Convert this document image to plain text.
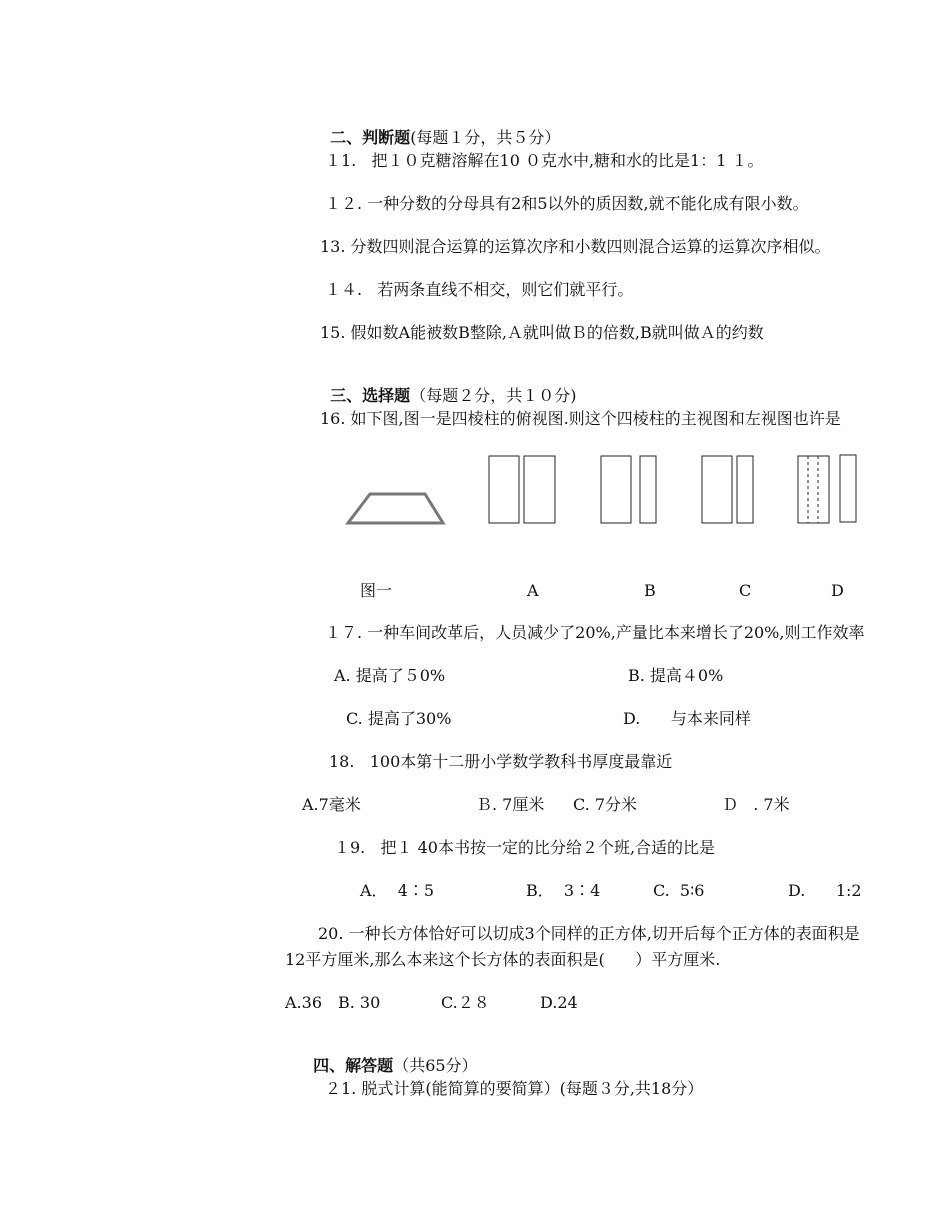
二、判断题(每题１分，共５分）

１1.   把１０克糖溶解在10 ０克水中,糖和水的比是1：1 １。
１２. 一种分数的分母具有2和5以外的质因数,就不能化成有限小数。
13. 分数四则混合运算的运算次序和小数四则混合运算的运算次序相似。
１４.   若两条直线不相交，则它们就平行。
15. 假如数A能被数B整除,Ａ就叫做Ｂ的倍数,B就叫做Ａ的约数

三、选择题（每题２分，共１０分)

16. 如下图,图一是四棱柱的俯视图.则这个四棱柱的主视图和左视图也许是
图一	A	B	C	D
１７. 一种车间改革后，人员减少了20%,产量比本来增长了20%,则工作效率
A. 提高了５0%	B. 提高４0%
C. 提高了30%	D.      与本来同样
18.   100本第十二册小学数学教科书厚度最靠近
A.7毫米	Ｂ. 7厘米 C. 7分米	Ｄ   . 7米
１9.   把１ 40本书按一定的比分给２个班,合适的比是
A．  4∶5	B．  3∶4	C.  5∶6	D.      1:2
20. 一种长方体恰好可以切成3个同样的正方体,切开后每个正方体的表面积是
12平方厘米,那么本来这个长方体的表面积是(      ）平方厘米.
A.36 B. 30	C.２８	D.24

四、解答题（共65分）

２1. 脱式计算(能简算的要简算）(每题３分,共18分）
